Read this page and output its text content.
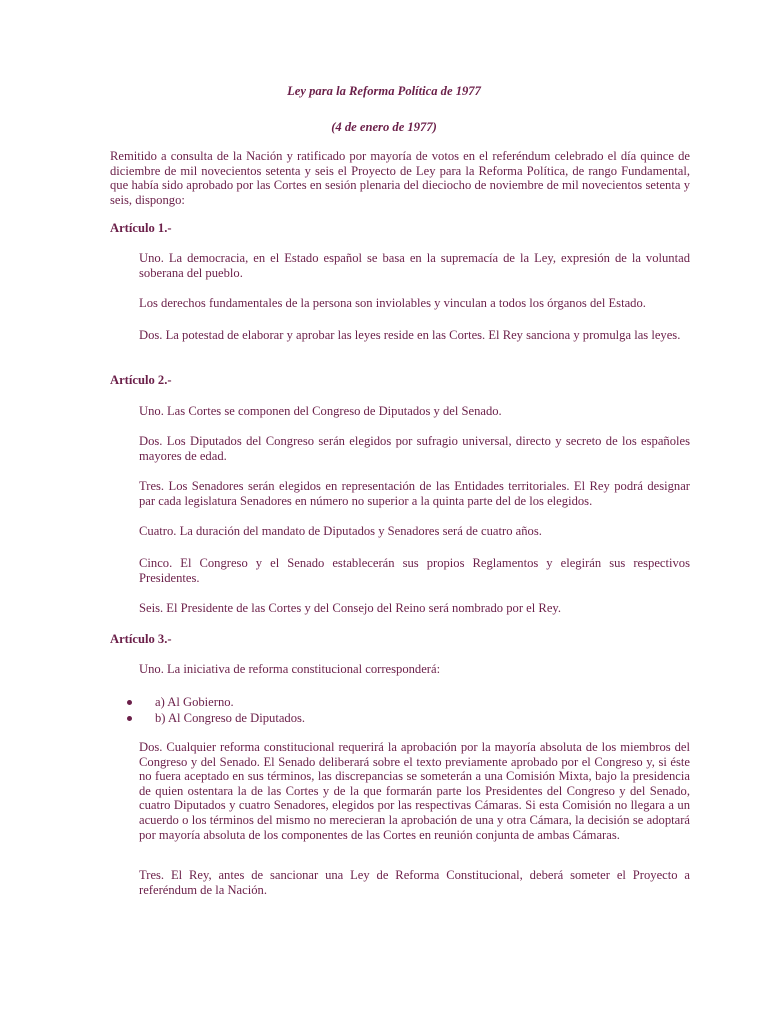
Ley para la Reforma Política de 1977

(4 de enero de 1977)

Remitido a consulta de la Nación y ratificado por mayoría de votos en el referéndum celebrado el día quince de diciembre de mil novecientos setenta y seis el Proyecto de Ley para la Reforma Política, de rango Fundamental, que había sido aprobado por las Cortes en sesión plenaria del dieciocho de noviembre de mil novecientos setenta y seis, dispongo:

Artículo 1.-

Uno. La democracia, en el Estado español se basa en la supremacía de la Ley, expresión de la voluntad soberana del pueblo.

Los derechos fundamentales de la persona son inviolables y vinculan a todos los órganos del Estado.

Dos. La potestad de elaborar y aprobar las leyes reside en las Cortes. El Rey sanciona y promulga las leyes.

Artículo 2.-

Uno. Las Cortes se componen del Congreso de Diputados y del Senado.

Dos. Los Diputados del Congreso serán elegidos por sufragio universal, directo y secreto de los españoles mayores de edad.

Tres. Los Senadores serán elegidos en representación de las Entidades territoriales. El Rey podrá designar par cada legislatura Senadores en número no superior a la quinta parte del de los elegidos.

Cuatro. La duración del mandato de Diputados y Senadores será de cuatro años.

Cinco. El Congreso y el Senado establecerán sus propios Reglamentos y elegirán sus respectivos Presidentes.

Seis. El Presidente de las Cortes y del Consejo del Reino será nombrado por el Rey.

Artículo 3.-

Uno. La iniciativa de reforma constitucional corresponderá:

a) Al Gobierno.
b) Al Congreso de Diputados.

Dos. Cualquier reforma constitucional requerirá la aprobación por la mayoría absoluta de los miembros del Congreso y del Senado. El Senado deliberará sobre el texto previamente aprobado por el Congreso y, si éste no fuera aceptado en sus términos, las discrepancias se someterán a una Comisión Mixta, bajo la presidencia de quien ostentara la de las Cortes y de la que formarán parte los Presidentes del Congreso y del Senado, cuatro Diputados y cuatro Senadores, elegidos por las respectivas Cámaras. Si esta Comisión no llegara a un acuerdo o los términos del mismo no merecieran la aprobación de una y otra Cámara, la decisión se adoptará por mayoría absoluta de los componentes de las Cortes en reunión conjunta de ambas Cámaras.

Tres. El Rey, antes de sancionar una Ley de Reforma Constitucional, deberá someter el Proyecto a referéndum de la Nación.
